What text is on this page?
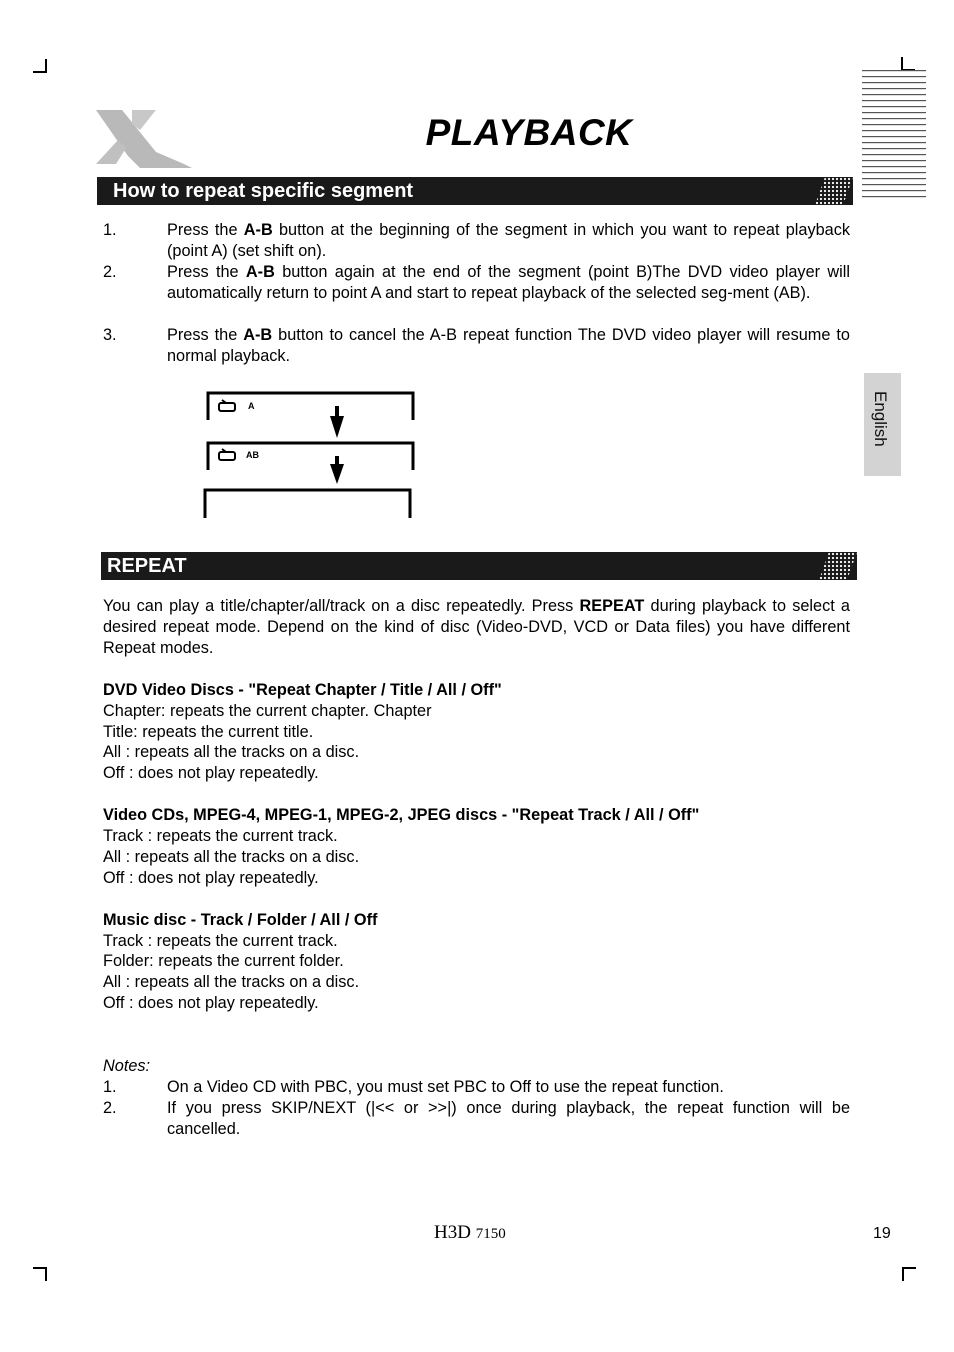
PLAYBACK
English
How to repeat specific segment
1.	Press the A-B button at the beginning of the segment in which you want to repeat playback (point A) (set shift on).
2.	Press the A-B button again at the end of the segment (point B)The DVD video player will automatically return to point A and start to repeat playback of the selected seg-ment (AB).
3.	Press the A-B button to cancel the A-B repeat function The DVD video player will resume to normal playback.
A
AB
REPEAT
You can play a title/chapter/all/track on a disc repeatedly. Press REPEAT during playback to select a desired repeat mode. Depend on the kind of disc (Video-DVD, VCD or Data files) you have different Repeat modes.
DVD Video Discs - "Repeat Chapter / Title / All / Off"
Chapter: repeats the current chapter. Chapter
Title: repeats the current title.
All : repeats all the tracks on a disc.
Off : does not play repeatedly.
Video CDs, MPEG-4, MPEG-1, MPEG-2, JPEG discs - "Repeat Track / All / Off"
Track : repeats the current track.
All : repeats all the tracks on a disc.
Off : does not play repeatedly.
Music disc - Track / Folder / All / Off
Track : repeats the current track.
Folder: repeats the current folder.
All : repeats all the tracks on a disc.
Off : does not play repeatedly.
Notes:
1.	On a Video CD with PBC, you must set PBC to Off to use the repeat function.
2.	If you press SKIP/NEXT (|<< or >>|) once during playback, the repeat function will be cancelled.
H3D 7150	19
